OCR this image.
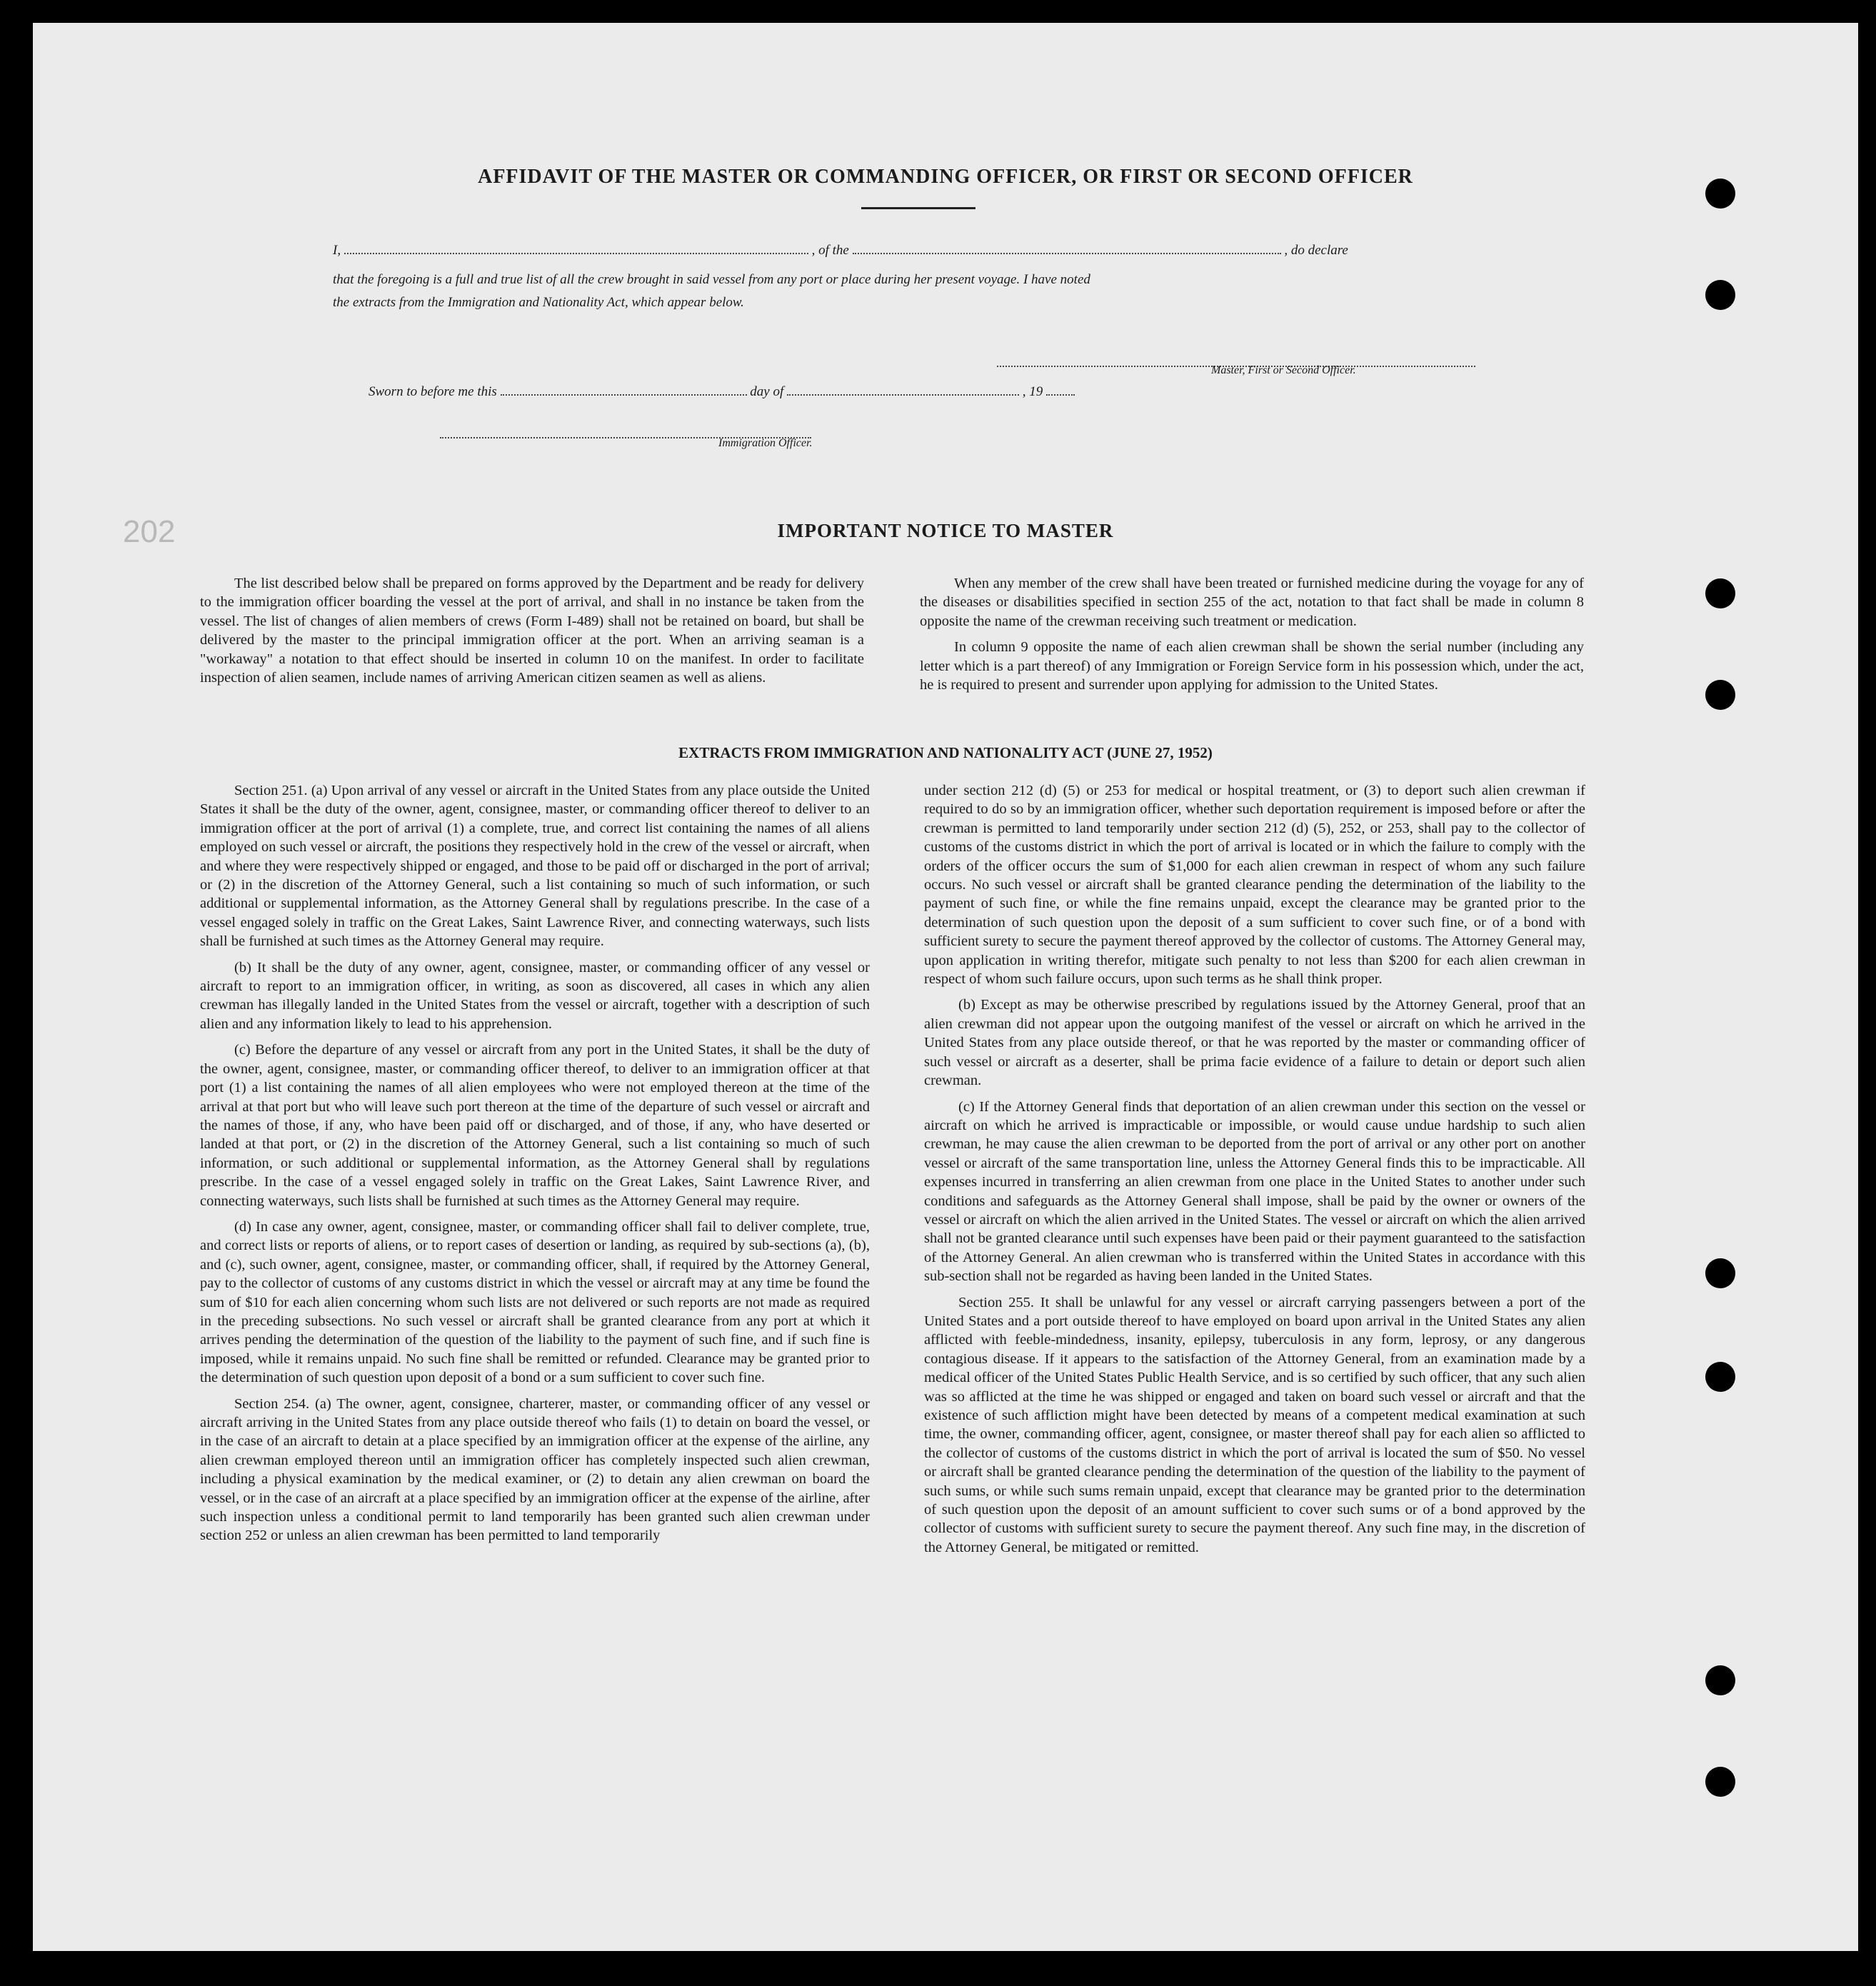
202
AFFIDAVIT OF THE MASTER OR COMMANDING OFFICER, OR FIRST OR SECOND OFFICER
I,	, of the	, do declare
that the foregoing is a full and true list of all the crew brought in said vessel from any port or place during her present voyage. I have noted
the extracts from the Immigration and Nationality Act, which appear below.
Master, First or Second Officer.
Sworn to before me this	day of	, 19
Immigration Officer.
IMPORTANT NOTICE TO MASTER

The list described below shall be prepared on forms approved by the Department and be ready for delivery to the immigration officer boarding the vessel at the port of arrival, and shall in no instance be taken from the vessel. The list of changes of alien members of crews (Form I-489) shall not be retained on board, but shall be delivered by the master to the principal immigration officer at the port. When an arriving seaman is a "workaway" a notation to that effect should be inserted in column 10 on the manifest. In order to facilitate inspection of alien seamen, include names of arriving American citizen seamen as well as aliens.

When any member of the crew shall have been treated or furnished medicine during the voyage for any of the diseases or disabilities specified in section 255 of the act, notation to that fact shall be made in column 8 opposite the name of the crewman receiving such treatment or medication.

In column 9 opposite the name of each alien crewman shall be shown the serial number (including any letter which is a part thereof) of any Immigration or Foreign Service form in his possession which, under the act, he is required to present and surrender upon applying for admission to the United States.

EXTRACTS FROM IMMIGRATION AND NATIONALITY ACT (JUNE 27, 1952)

Section 251. (a) Upon arrival of any vessel or aircraft in the United States from any place outside the United States it shall be the duty of the owner, agent, consignee, master, or commanding officer thereof to deliver to an immigration officer at the port of arrival (1) a complete, true, and correct list containing the names of all aliens employed on such vessel or aircraft, the positions they respectively hold in the crew of the vessel or aircraft, when and where they were respectively shipped or engaged, and those to be paid off or discharged in the port of arrival; or (2) in the discretion of the Attorney General, such a list containing so much of such information, or such additional or supplemental information, as the Attorney General shall by regulations prescribe. In the case of a vessel engaged solely in traffic on the Great Lakes, Saint Lawrence River, and connecting waterways, such lists shall be furnished at such times as the Attorney General may require.

(b) It shall be the duty of any owner, agent, consignee, master, or commanding officer of any vessel or aircraft to report to an immigration officer, in writing, as soon as discovered, all cases in which any alien crewman has illegally landed in the United States from the vessel or aircraft, together with a description of such alien and any information likely to lead to his apprehension.

(c) Before the departure of any vessel or aircraft from any port in the United States, it shall be the duty of the owner, agent, consignee, master, or commanding officer thereof, to deliver to an immigration officer at that port (1) a list containing the names of all alien employees who were not employed thereon at the time of the arrival at that port but who will leave such port thereon at the time of the departure of such vessel or aircraft and the names of those, if any, who have been paid off or discharged, and of those, if any, who have deserted or landed at that port, or (2) in the discretion of the Attorney General, such a list containing so much of such information, or such additional or supplemental information, as the Attorney General shall by regulations prescribe. In the case of a vessel engaged solely in traffic on the Great Lakes, Saint Lawrence River, and connecting waterways, such lists shall be furnished at such times as the Attorney General may require.

(d) In case any owner, agent, consignee, master, or commanding officer shall fail to deliver complete, true, and correct lists or reports of aliens, or to report cases of desertion or landing, as required by sub-sections (a), (b), and (c), such owner, agent, consignee, master, or commanding officer, shall, if required by the Attorney General, pay to the collector of customs of any customs district in which the vessel or aircraft may at any time be found the sum of $10 for each alien concerning whom such lists are not delivered or such reports are not made as required in the preceding subsections. No such vessel or aircraft shall be granted clearance from any port at which it arrives pending the determination of the question of the liability to the payment of such fine, and if such fine is imposed, while it remains unpaid. No such fine shall be remitted or refunded. Clearance may be granted prior to the determination of such question upon deposit of a bond or a sum sufficient to cover such fine.

Section 254. (a) The owner, agent, consignee, charterer, master, or commanding officer of any vessel or aircraft arriving in the United States from any place outside thereof who fails (1) to detain on board the vessel, or in the case of an aircraft to detain at a place specified by an immigration officer at the expense of the airline, any alien crewman employed thereon until an immigration officer has completely inspected such alien crewman, including a physical examination by the medical examiner, or (2) to detain any alien crewman on board the vessel, or in the case of an aircraft at a place specified by an immigration officer at the expense of the airline, after such inspection unless a conditional permit to land temporarily has been granted such alien crewman under section 252 or unless an alien crewman has been permitted to land temporarily

under section 212 (d) (5) or 253 for medical or hospital treatment, or (3) to deport such alien crewman if required to do so by an immigration officer, whether such deportation requirement is imposed before or after the crewman is permitted to land temporarily under section 212 (d) (5), 252, or 253, shall pay to the collector of customs of the customs district in which the port of arrival is located or in which the failure to comply with the orders of the officer occurs the sum of $1,000 for each alien crewman in respect of whom any such failure occurs. No such vessel or aircraft shall be granted clearance pending the determination of the liability to the payment of such fine, or while the fine remains unpaid, except the clearance may be granted prior to the determination of such question upon the deposit of a sum sufficient to cover such fine, or of a bond with sufficient surety to secure the payment thereof approved by the collector of customs. The Attorney General may, upon application in writing therefor, mitigate such penalty to not less than $200 for each alien crewman in respect of whom such failure occurs, upon such terms as he shall think proper.

(b) Except as may be otherwise prescribed by regulations issued by the Attorney General, proof that an alien crewman did not appear upon the outgoing manifest of the vessel or aircraft on which he arrived in the United States from any place outside thereof, or that he was reported by the master or commanding officer of such vessel or aircraft as a deserter, shall be prima facie evidence of a failure to detain or deport such alien crewman.

(c) If the Attorney General finds that deportation of an alien crewman under this section on the vessel or aircraft on which he arrived is impracticable or impossible, or would cause undue hardship to such alien crewman, he may cause the alien crewman to be deported from the port of arrival or any other port on another vessel or aircraft of the same transportation line, unless the Attorney General finds this to be impracticable. All expenses incurred in transferring an alien crewman from one place in the United States to another under such conditions and safeguards as the Attorney General shall impose, shall be paid by the owner or owners of the vessel or aircraft on which the alien arrived in the United States. The vessel or aircraft on which the alien arrived shall not be granted clearance until such expenses have been paid or their payment guaranteed to the satisfaction of the Attorney General. An alien crewman who is transferred within the United States in accordance with this sub-section shall not be regarded as having been landed in the United States.

Section 255. It shall be unlawful for any vessel or aircraft carrying passengers between a port of the United States and a port outside thereof to have employed on board upon arrival in the United States any alien afflicted with feeble-mindedness, insanity, epilepsy, tuberculosis in any form, leprosy, or any dangerous contagious disease. If it appears to the satisfaction of the Attorney General, from an examination made by a medical officer of the United States Public Health Service, and is so certified by such officer, that any such alien was so afflicted at the time he was shipped or engaged and taken on board such vessel or aircraft and that the existence of such affliction might have been detected by means of a competent medical examination at such time, the owner, commanding officer, agent, consignee, or master thereof shall pay for each alien so afflicted to the collector of customs of the customs district in which the port of arrival is located the sum of $50. No vessel or aircraft shall be granted clearance pending the determination of the question of the liability to the payment of such sums, or while such sums remain unpaid, except that clearance may be granted prior to the determination of such question upon the deposit of an amount sufficient to cover such sums or of a bond approved by the collector of customs with sufficient surety to secure the payment thereof. Any such fine may, in the discretion of the Attorney General, be mitigated or remitted.
